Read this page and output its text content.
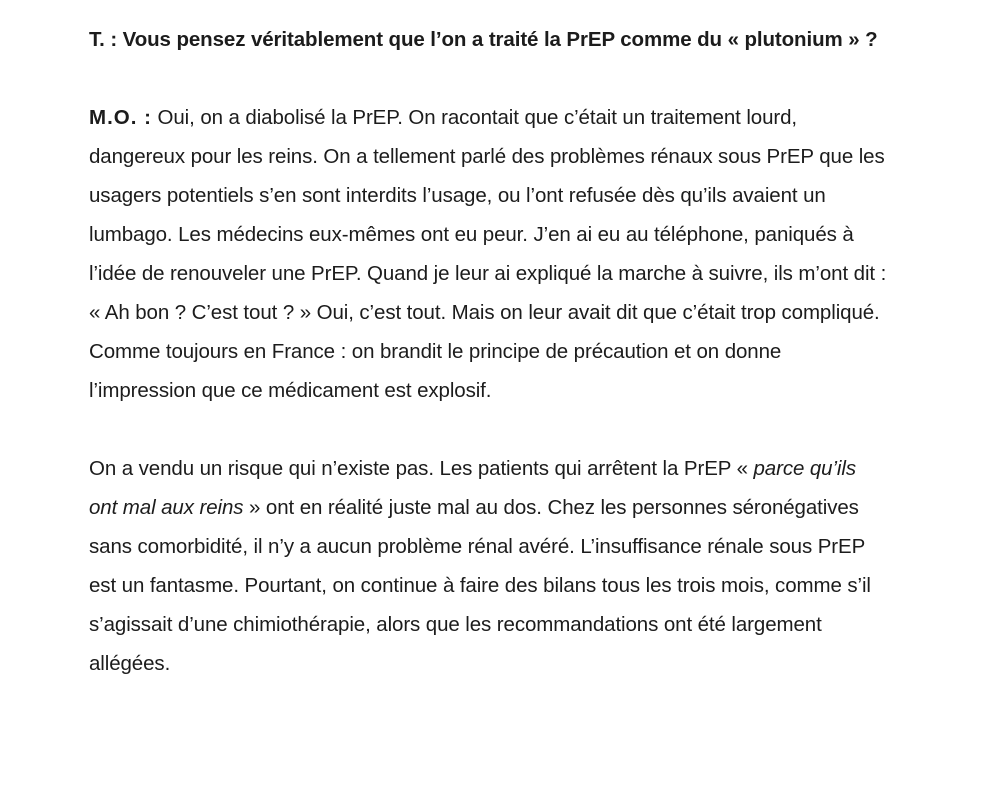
T. : Vous pensez véritablement que l’on a traité la PrEP comme du « plutonium » ?

M.O. : Oui, on a diabolisé la PrEP. On racontait que c’était un traitement lourd, dangereux pour les reins. On a tellement parlé des problèmes rénaux sous PrEP que les usagers potentiels s’en sont interdits l’usage, ou l’ont refusée dès qu’ils avaient un lumbago. Les médecins eux-mêmes ont eu peur. J’en ai eu au téléphone, paniqués à l’idée de renouveler une PrEP. Quand je leur ai expliqué la marche à suivre, ils m’ont dit : « Ah bon ? C’est tout ? » Oui, c’est tout. Mais on leur avait dit que c’était trop compliqué. Comme toujours en France : on brandit le principe de précaution et on donne l’impression que ce médicament est explosif.

On a vendu un risque qui n’existe pas. Les patients qui arrêtent la PrEP « parce qu’ils ont mal aux reins » ont en réalité juste mal au dos. Chez les personnes séronégatives sans comorbidité, il n’y a aucun problème rénal avéré. L’insuffisance rénale sous PrEP est un fantasme. Pourtant, on continue à faire des bilans tous les trois mois, comme s’il s’agissait d’une chimiothérapie, alors que les recommandations ont été largement allégées.
